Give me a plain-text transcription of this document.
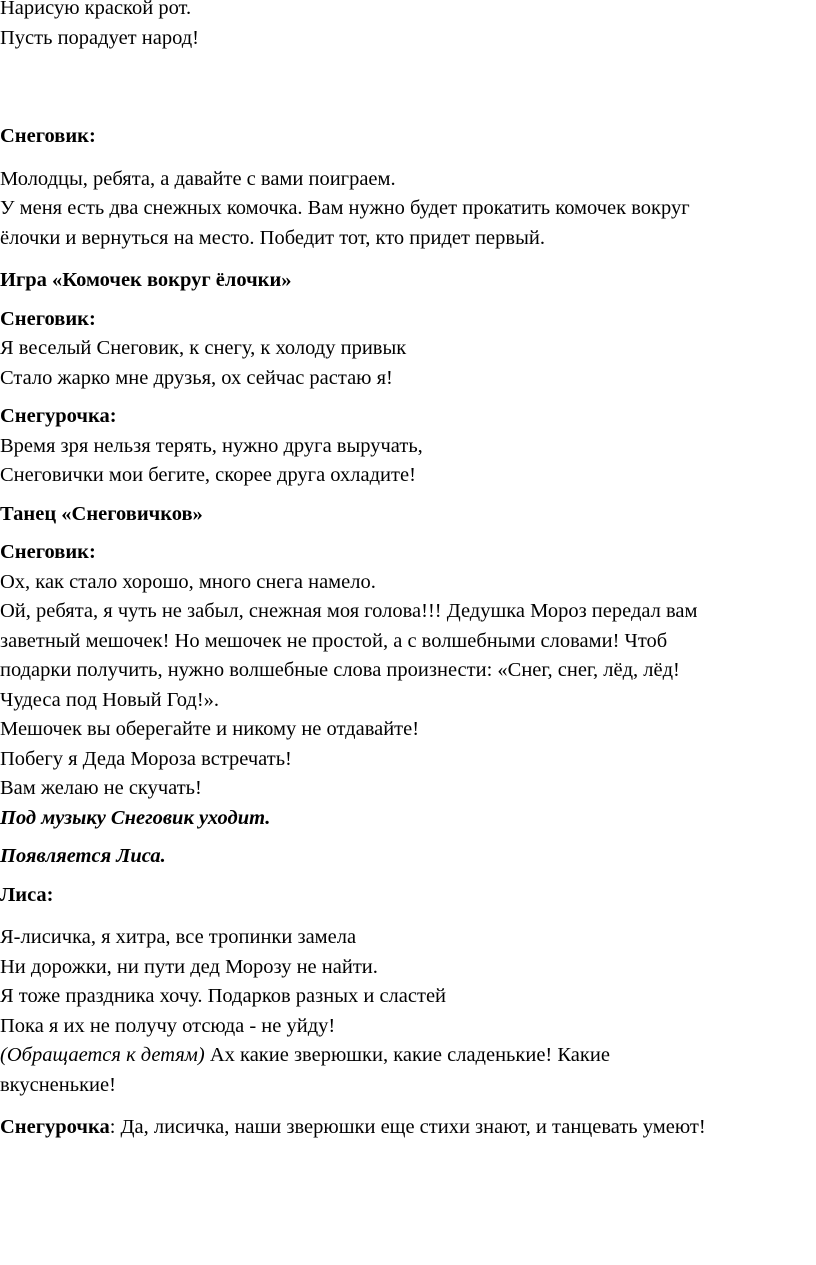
Нарисую краской рот.
Пусть порадует народ!
Снеговик:
Молодцы, ребята, а давайте с вами поиграем.
У меня есть два снежных комочка. Вам нужно будет прокатить комочек вокруг
ёлочки и вернуться на место. Победит тот, кто придет первый.
Игра «Комочек вокруг ёлочки»
Снеговик:
Я веселый Снеговик, к снегу, к холоду привык
Стало жарко мне друзья, ох сейчас растаю я!
Снегурочка:
Время зря нельзя терять, нужно друга выручать,
Снеговички мои бегите, скорее друга охладите!
Танец «Снеговичков»
Снеговик:
Ох, как стало хорошо, много снега намело.
Ой, ребята, я чуть не забыл, снежная моя голова!!! Дедушка Мороз передал вам
заветный мешочек! Но мешочек не простой, а с волшебными словами! Чтоб
подарки получить, нужно волшебные слова произнести: «Снег, снег, лёд, лёд!
Чудеса под Новый Год!».
Мешочек вы оберегайте и никому не отдавайте!
Побегу я Деда Мороза встречать!
Вам желаю не скучать!
Под музыку Снеговик уходит.
Появляется Лиса.
Лиса:
Я-лисичка, я хитра, все тропинки замела
Ни дорожки, ни пути дед Морозу не найти.
Я тоже праздника хочу. Подарков разных и сластей
Пока я их не получу отсюда - не уйду!
(Обращается к детям) Ах какие зверюшки, какие сладенькие! Какие
вкусненькие!
Снегурочка: Да, лисичка, наши зверюшки еще стихи знают, и танцевать умеют!
